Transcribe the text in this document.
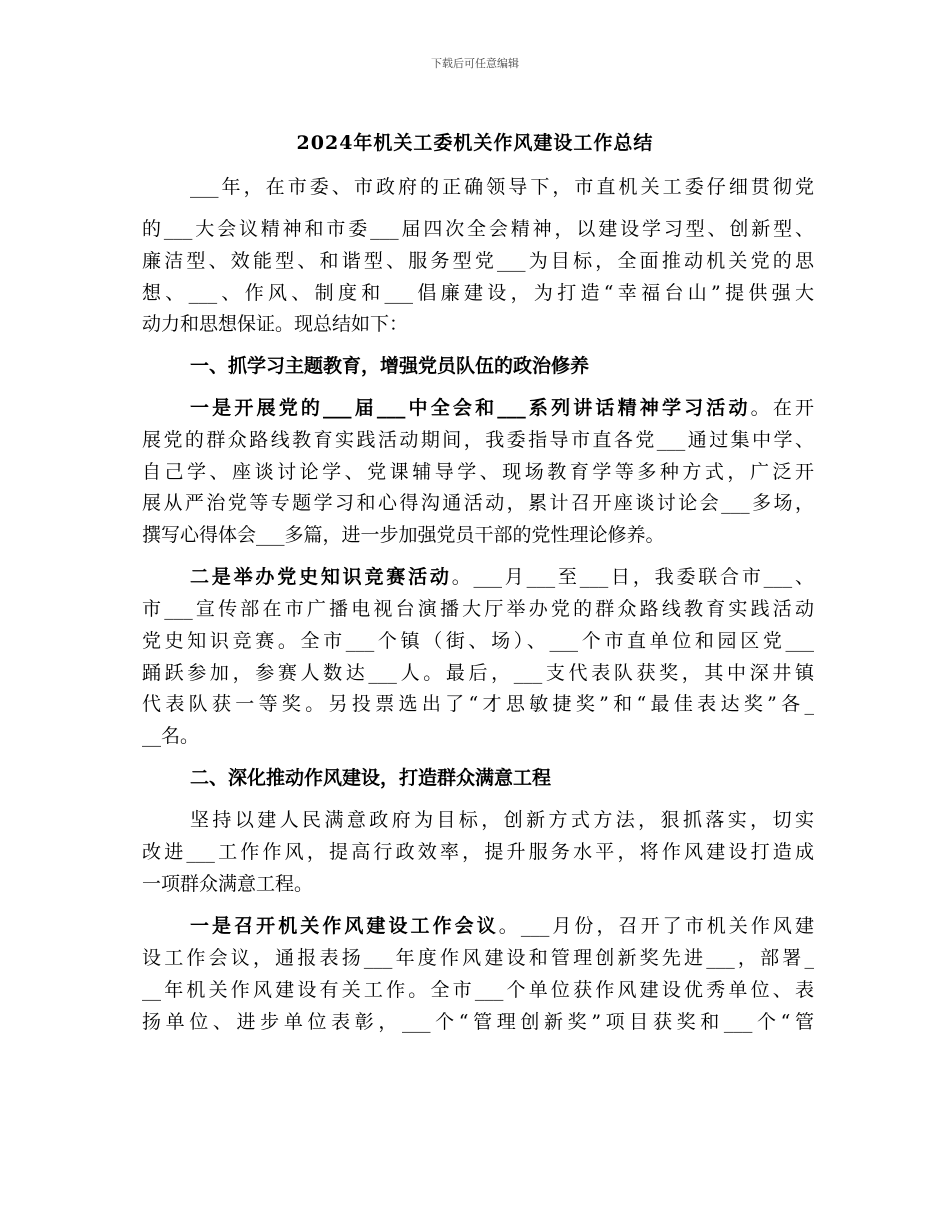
下载后可任意编辑
2024年机关工委机关作风建设工作总结
___年，在市委、市政府的正确领导下，市直机关工委仔细贯彻党
的___大会议精神和市委___届四次全会精神，以建设学习型、创新型、
廉洁型、效能型、和谐型、服务型党___为目标，全面推动机关党的思
想、___、作风、制度和___倡廉建设，为打造“幸福台山”提供强大
动力和思想保证。现总结如下：
一、抓学习主题教育，增强党员队伍的政治修养
一是开展党的___届___中全会和___系列讲话精神学习活动。在开
展党的群众路线教育实践活动期间，我委指导市直各党___通过集中学、
自己学、座谈讨论学、党课辅导学、现场教育学等多种方式，广泛开
展从严治党等专题学习和心得沟通活动，累计召开座谈讨论会___多场，
撰写心得体会___多篇，进一步加强党员干部的党性理论修养。
二是举办党史知识竞赛活动。___月___至___日，我委联合市___、
市___宣传部在市广播电视台演播大厅举办党的群众路线教育实践活动
党史知识竞赛。全市___个镇（街、场）、___个市直单位和园区党___
踊跃参加，参赛人数达___人。最后，___支代表队获奖，其中深井镇
代表队获一等奖。另投票选出了“才思敏捷奖”和“最佳表达奖”各_
__名。
二、深化推动作风建设，打造群众满意工程
坚持以建人民满意政府为目标，创新方式方法，狠抓落实，切实
改进___工作作风，提高行政效率，提升服务水平，将作风建设打造成
一项群众满意工程。
一是召开机关作风建设工作会议。___月份，召开了市机关作风建
设工作会议，通报表扬___年度作风建设和管理创新奖先进___，部署_
__年机关作风建设有关工作。全市___个单位获作风建设优秀单位、表
扬单位、进步单位表彰，___个“管理创新奖”项目获奖和___个“管
